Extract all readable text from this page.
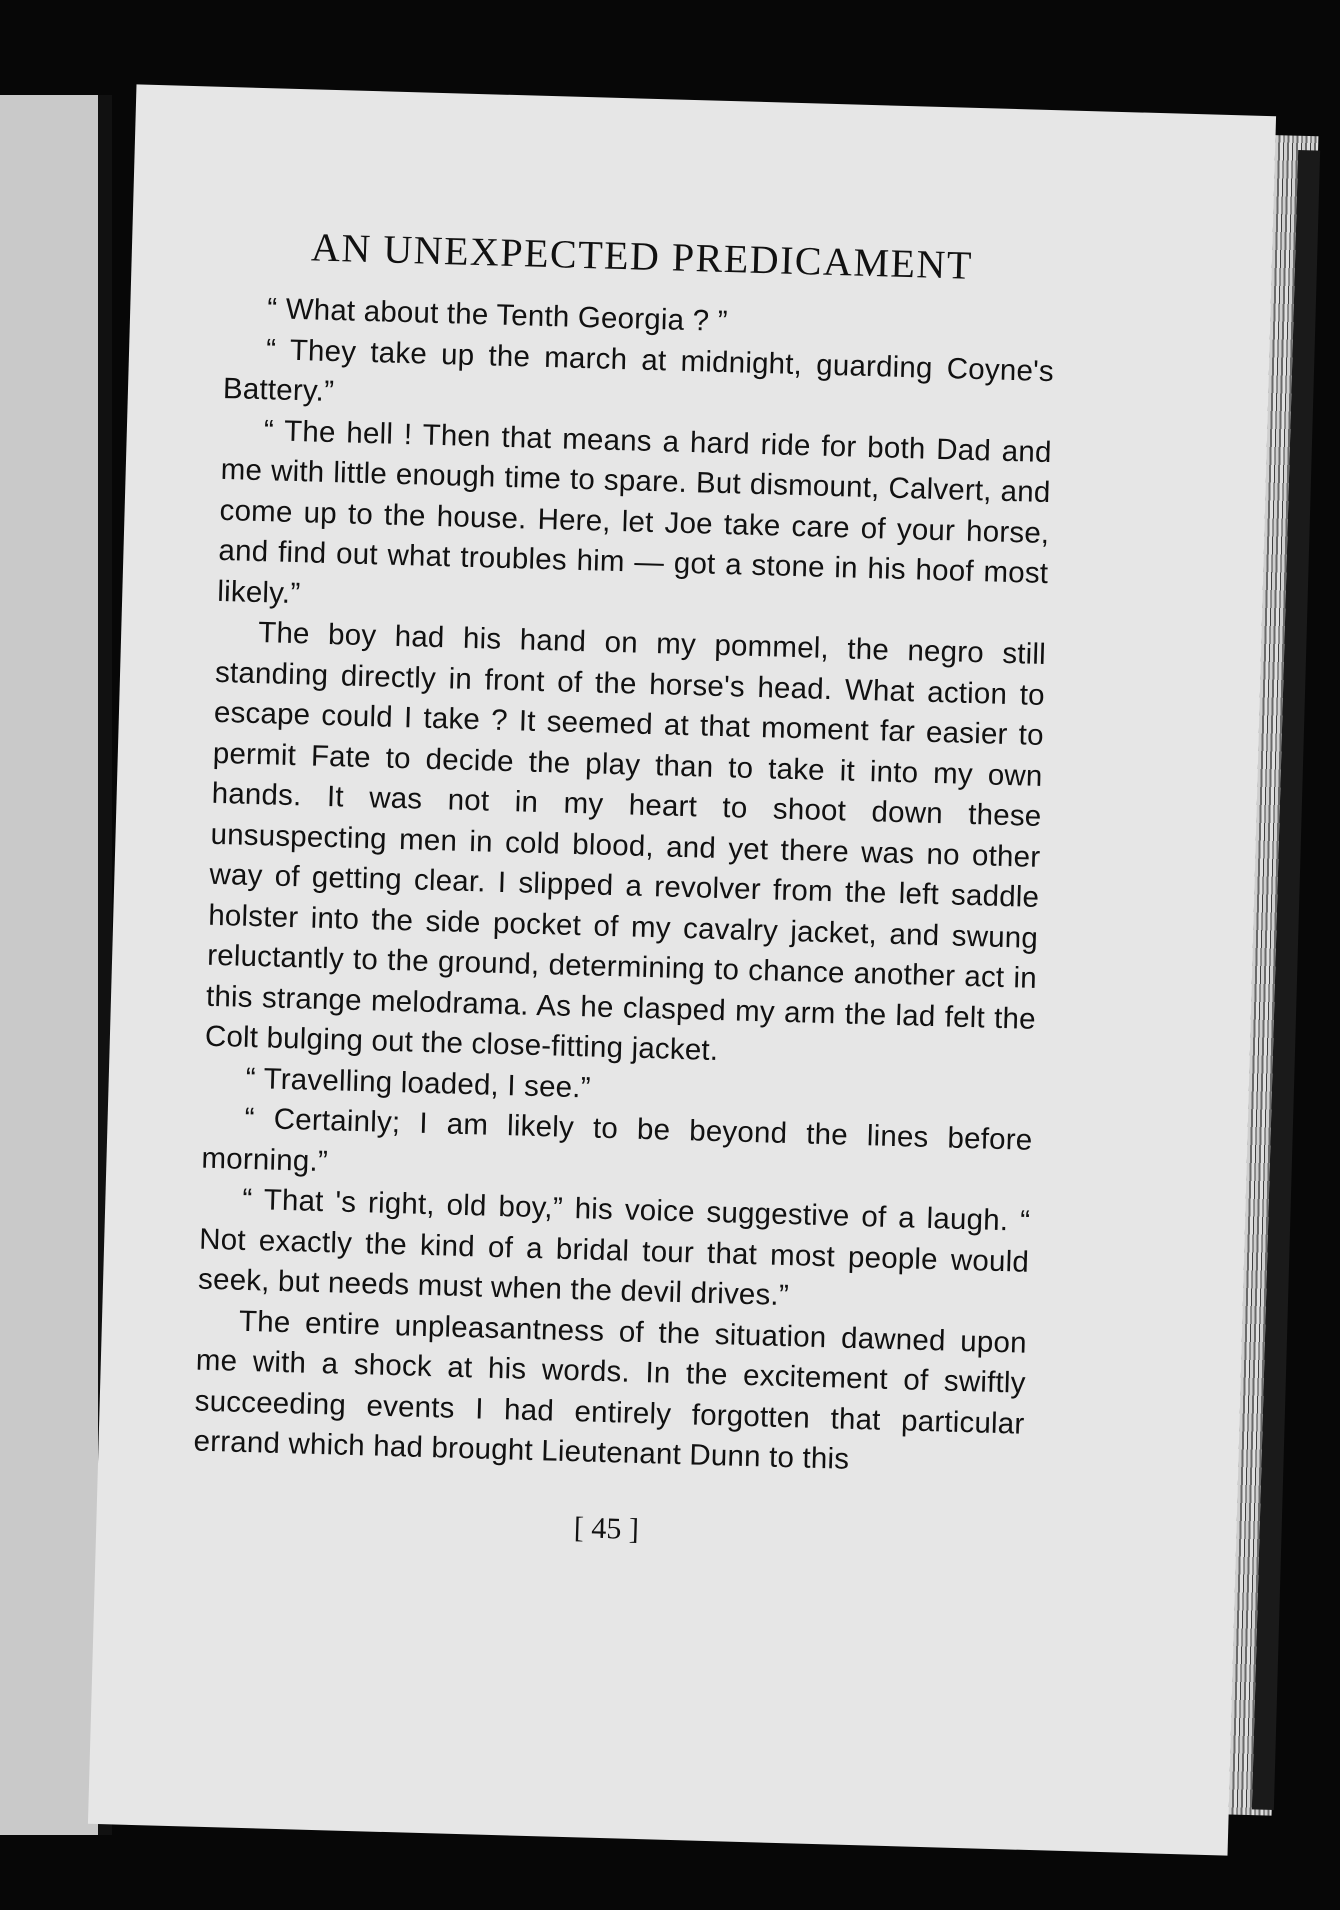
AN UNEXPECTED PREDICAMENT

“ What about the Tenth Georgia ? ”

“ They take up the march at midnight, guarding Coyne's Battery.”

“ The hell ! Then that means a hard ride for both Dad and me with little enough time to spare. But dismount, Calvert, and come up to the house. Here, let Joe take care of your horse, and find out what troubles him — got a stone in his hoof most likely.”

The boy had his hand on my pommel, the negro still standing directly in front of the horse's head. What action to escape could I take ? It seemed at that moment far easier to permit Fate to decide the play than to take it into my own hands. It was not in my heart to shoot down these unsuspecting men in cold blood, and yet there was no other way of getting clear. I slipped a revolver from the left saddle holster into the side pocket of my cavalry jacket, and swung reluctantly to the ground, determining to chance another act in this strange melodrama. As he clasped my arm the lad felt the Colt bulging out the close-fitting jacket.

“ Travelling loaded, I see.”

“ Certainly; I am likely to be beyond the lines before morning.”

“ That 's right, old boy,” his voice suggestive of a laugh. “ Not exactly the kind of a bridal tour that most people would seek, but needs must when the devil drives.”

The entire unpleasantness of the situation dawned upon me with a shock at his words. In the excitement of swiftly succeeding events I had entirely forgotten that particular errand which had brought Lieutenant Dunn to this

[ 45 ]
